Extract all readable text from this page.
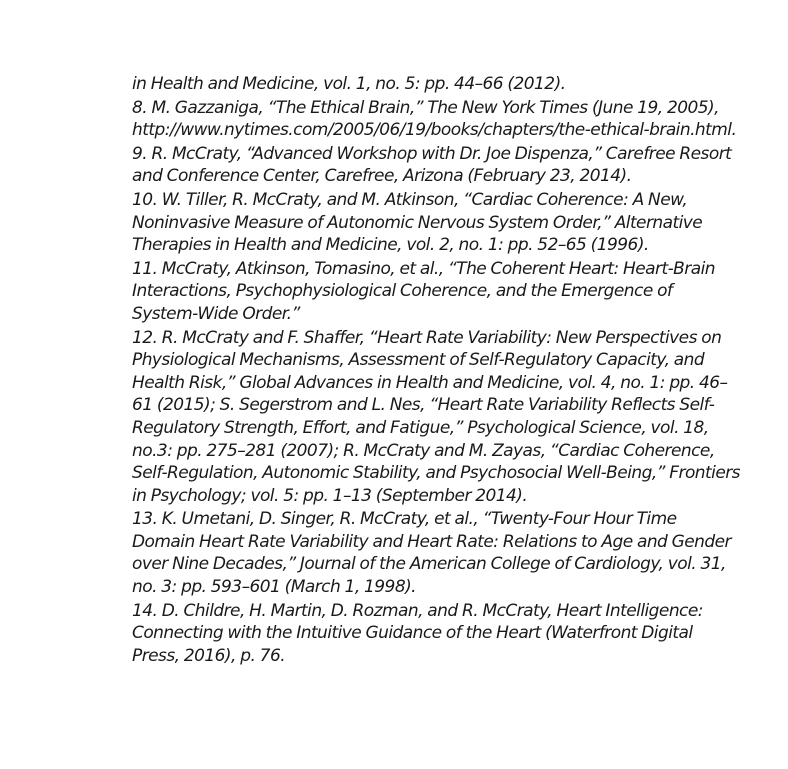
in Health and Medicine, vol. 1, no. 5: pp. 44–66 (2012).

8. M. Gazzaniga, “The Ethical Brain,” The New York Times (June 19, 2005), http://www.nytimes.com/2005/06/19/books/chapters/the-ethical-brain.html.

9. R. McCraty, “Advanced Workshop with Dr. Joe Dispenza,” Carefree Resort and Conference Center, Carefree, Arizona (February 23, 2014).

10. W. Tiller, R. McCraty, and M. Atkinson, “Cardiac Coherence: A New, Noninvasive Measure of Autonomic Nervous System Order,” Alternative Therapies in Health and Medicine, vol. 2, no. 1: pp. 52–65 (1996).

11. McCraty, Atkinson, Tomasino, et al., “The Coherent Heart: Heart-Brain Interactions, Psychophysiological Coherence, and the Emergence of System-Wide Order.”

12. R. McCraty and F. Shaffer, “Heart Rate Variability: New Perspectives on Physiological Mechanisms, Assessment of Self-Regulatory Capacity, and Health Risk,” Global Advances in Health and Medicine, vol. 4, no. 1: pp. 46–61 (2015); S. Segerstrom and L. Nes, “Heart Rate Variability Reflects Self-Regulatory Strength, Effort, and Fatigue,” Psychological Science, vol. 18, no.3: pp. 275–281 (2007); R. McCraty and M. Zayas, “Cardiac Coherence, Self-Regulation, Autonomic Stability, and Psychosocial Well-Being,” Frontiers in Psychology; vol. 5: pp. 1–13 (September 2014).

13. K. Umetani, D. Singer, R. McCraty, et al., “Twenty-Four Hour Time Domain Heart Rate Variability and Heart Rate: Relations to Age and Gender over Nine Decades,” Journal of the American College of Cardiology, vol. 31, no. 3: pp. 593–601 (March 1, 1998).

14. D. Childre, H. Martin, D. Rozman, and R. McCraty, Heart Intelligence: Connecting with the Intuitive Guidance of the Heart (Waterfront Digital Press, 2016), p. 76.
